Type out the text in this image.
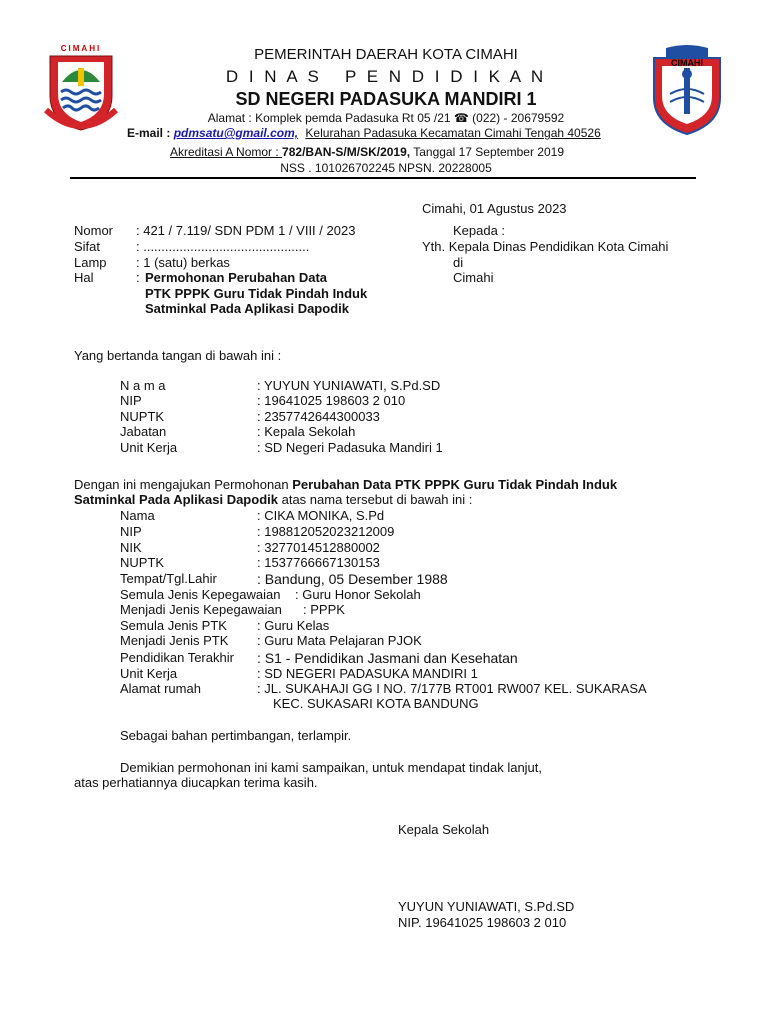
CIMAHI
CIMAHI
PEMERINTAH DAERAH KOTA CIMAHI
D I N A S   P E N D I D I K A N
SD NEGERI PADASUKA MANDIRI 1
Alamat : Komplek pemda Padasuka Rt 05 /21 ☎ (022) - 20679592
E-mail : pdmsatu@gmail.com, Kelurahan Padasuka Kecamatan Cimahi Tengah 40526
Akreditasi A Nomor : 782/BAN-S/M/SK/2019, Tanggal 17 September 2019
NSS . 101026702245 NPSN. 20228005
Cimahi, 01 Agustus 2023
Nomor : 421 / 7.119/ SDN PDM 1 / VIII / 2023
Sifat	: ..............................................
Lamp : 1 (satu) berkas
Hal	: Permohonan Perubahan Data
PTK PPPK Guru Tidak Pindah Induk
Satminkal Pada Aplikasi Dapodik
Kepada :
Yth. Kepala Dinas Pendidikan Kota Cimahi
di
Cimahi
Yang bertanda tangan di bawah ini :
N a m a	: YUYUN YUNIAWATI, S.Pd.SD
NIP	: 19641025 198603 2 010
NUPTK	: 2357742644300033
Jabatan	: Kepala Sekolah
Unit Kerja	: SD Negeri Padasuka Mandiri 1
Dengan ini mengajukan Permohonan Perubahan Data PTK PPPK Guru Tidak Pindah Induk
Satminkal Pada Aplikasi Dapodik atas nama tersebut di bawah ini :
Nama	: CIKA MONIKA, S.Pd
NIP	: 198812052023212009
NIK	: 3277014512880002
NUPTK	: 1537766667130153
Tempat/Tgl.Lahir	: Bandung, 05 Desember 1988
Semula Jenis Kepegawaian : Guru Honor Sekolah
Menjadi Jenis Kepegawaian : PPPK
Semula Jenis PTK : Guru Kelas
Menjadi Jenis PTK : Guru Mata Pelajaran PJOK
Pendidikan Terakhir : S1 - Pendidikan Jasmani dan Kesehatan
Unit Kerja	: SD NEGERI PADASUKA MANDIRI 1
Alamat rumah	: JL. SUKAHAJI GG I NO. 7/177B RT001 RW007 KEL. SUKARASA
KEC. SUKASARI KOTA BANDUNG
Sebagai bahan pertimbangan, terlampir.
Demikian permohonan ini kami sampaikan, untuk mendapat tindak lanjut,
atas perhatiannya diucapkan terima kasih.
Kepala Sekolah
YUYUN YUNIAWATI, S.Pd.SD
NIP. 19641025 198603 2 010
